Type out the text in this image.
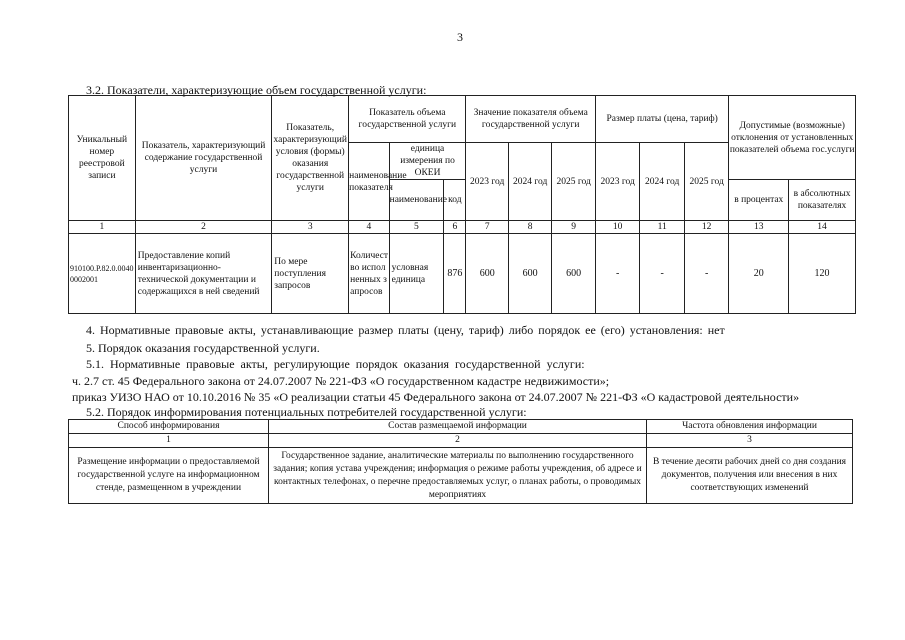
3
3.2. Показатели, характеризующие объем государственной услуги:
Уникальный номер реестровой записи	Показатель, характеризующий содержание государственной услуги	Показатель, характеризующий условия (формы) оказания государственной услуги	Показатель объема государственной услуги			Значение показателя объема государственной услуги			Размер платы (цена, тариф)			Допустимые (возможные) отклонения от установленных показателей объема гос.услуги	
			наименование показателя	единица измерения по ОКЕИ		2023 год	2024 год	2025 год	2023 год	2024 год	2025 год		
				наименование	код							в процентах	в абсолютных показателях
1	2	3	4	5	6	7	8	9	10	11	12	13	14
910100.Р.82.0.00400002001	Предоставление копий инвентаризационно-технической документации и содержащихся в ней сведений	По мере поступления запросов	Количество исполненных запросов	условная единица	876	600	600	600	-	-	-	20	120
4. Нормативные правовые акты, устанавливающие размер платы (цену, тариф) либо порядок ее (его) установления: нет
5. Порядок оказания государственной услуги.
5.1. Нормативные правовые акты, регулирующие порядок оказания государственной услуги:
ч. 2.7 ст. 45 Федерального закона от 24.07.2007 № 221-ФЗ «О государственном кадастре недвижимости»;
приказ УИЗО НАО от 10.10.2016 № 35 «О реализации статьи 45 Федерального закона от 24.07.2007 № 221-ФЗ «О кадастровой деятельности»
5.2. Порядок информирования потенциальных потребителей государственной услуги:
Способ информирования	Состав размещаемой информации	Частота обновления информации
1	2	3
Размещение информации о предоставляемой государственной услуге на информационном стенде, размещенном в учреждении	Государственное задание, аналитические материалы по выполнению государственного задания; копия устава учреждения; информация о режиме работы учреждения, об адресе и контактных телефонах, о перечне предоставляемых услуг, о планах работы, о проводимых мероприятиях	В течение десяти рабочих дней со дня создания документов, получения или внесения в них соответствующих изменений
